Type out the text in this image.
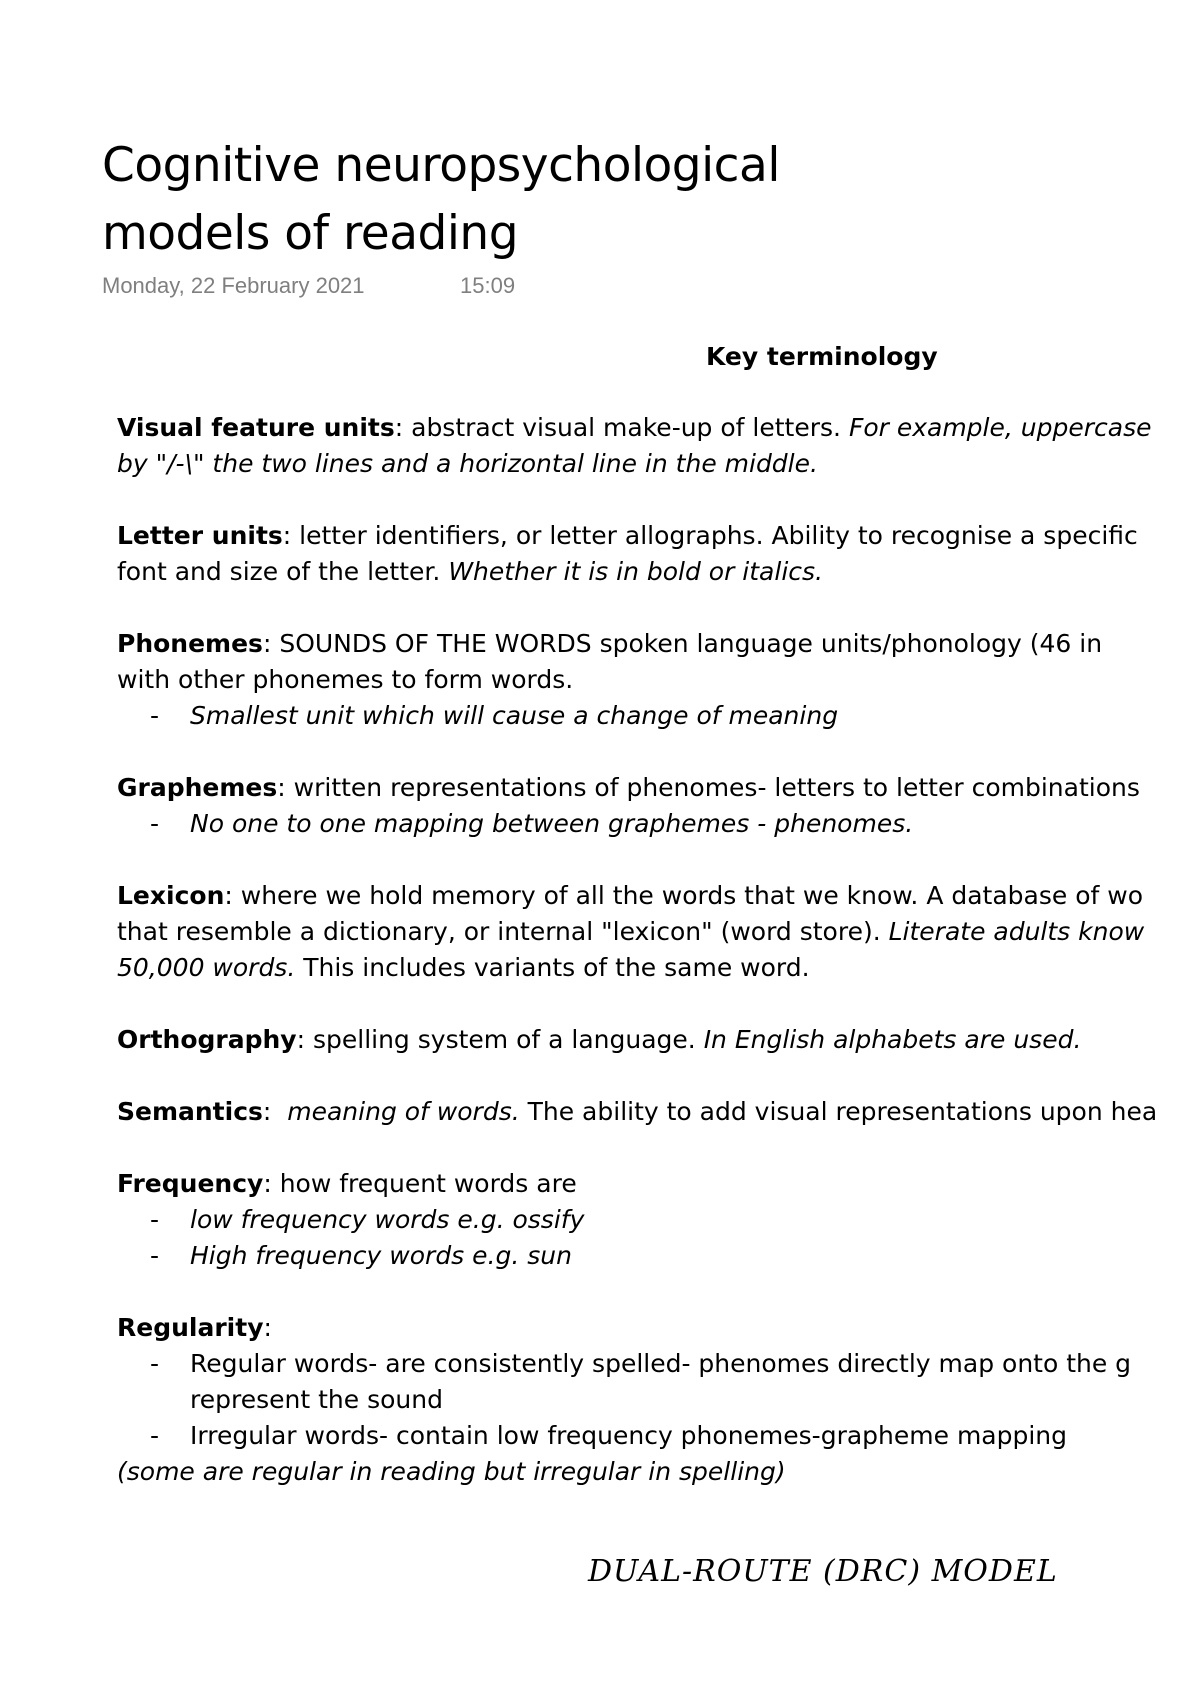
Cognitive neuropsychological
models of reading
Monday, 22 February 2021	15:09
Key terminology
Visual feature units: abstract visual make-up of letters. For example, uppercase
by "/-\" the two lines and a horizontal line in the middle.
Letter units: letter identifiers, or letter allographs. Ability to recognise a specific
font and size of the letter. Whether it is in bold or italics.
Phonemes: SOUNDS OF THE WORDS spoken language units/phonology (46 in
with other phonemes to form words.
- Smallest unit which will cause a change of meaning
Graphemes: written representations of phenomes- letters to letter combinations
- No one to one mapping between graphemes - phenomes.
Lexicon: where we hold memory of all the words that we know. A database of wo
that resemble a dictionary, or internal "lexicon" (word store). Literate adults know
50,000 words. This includes variants of the same word.
Orthography: spelling system of a language. In English alphabets are used.
Semantics: meaning of words. The ability to add visual representations upon hea
Frequency: how frequent words are
- low frequency words e.g. ossify
- High frequency words e.g. sun
Regularity:
- Regular words- are consistently spelled- phenomes directly map onto the g
represent the sound
- Irregular words- contain low frequency phonemes-grapheme mapping
(some are regular in reading but irregular in spelling)
DUAL-ROUTE (DRC) MODEL
